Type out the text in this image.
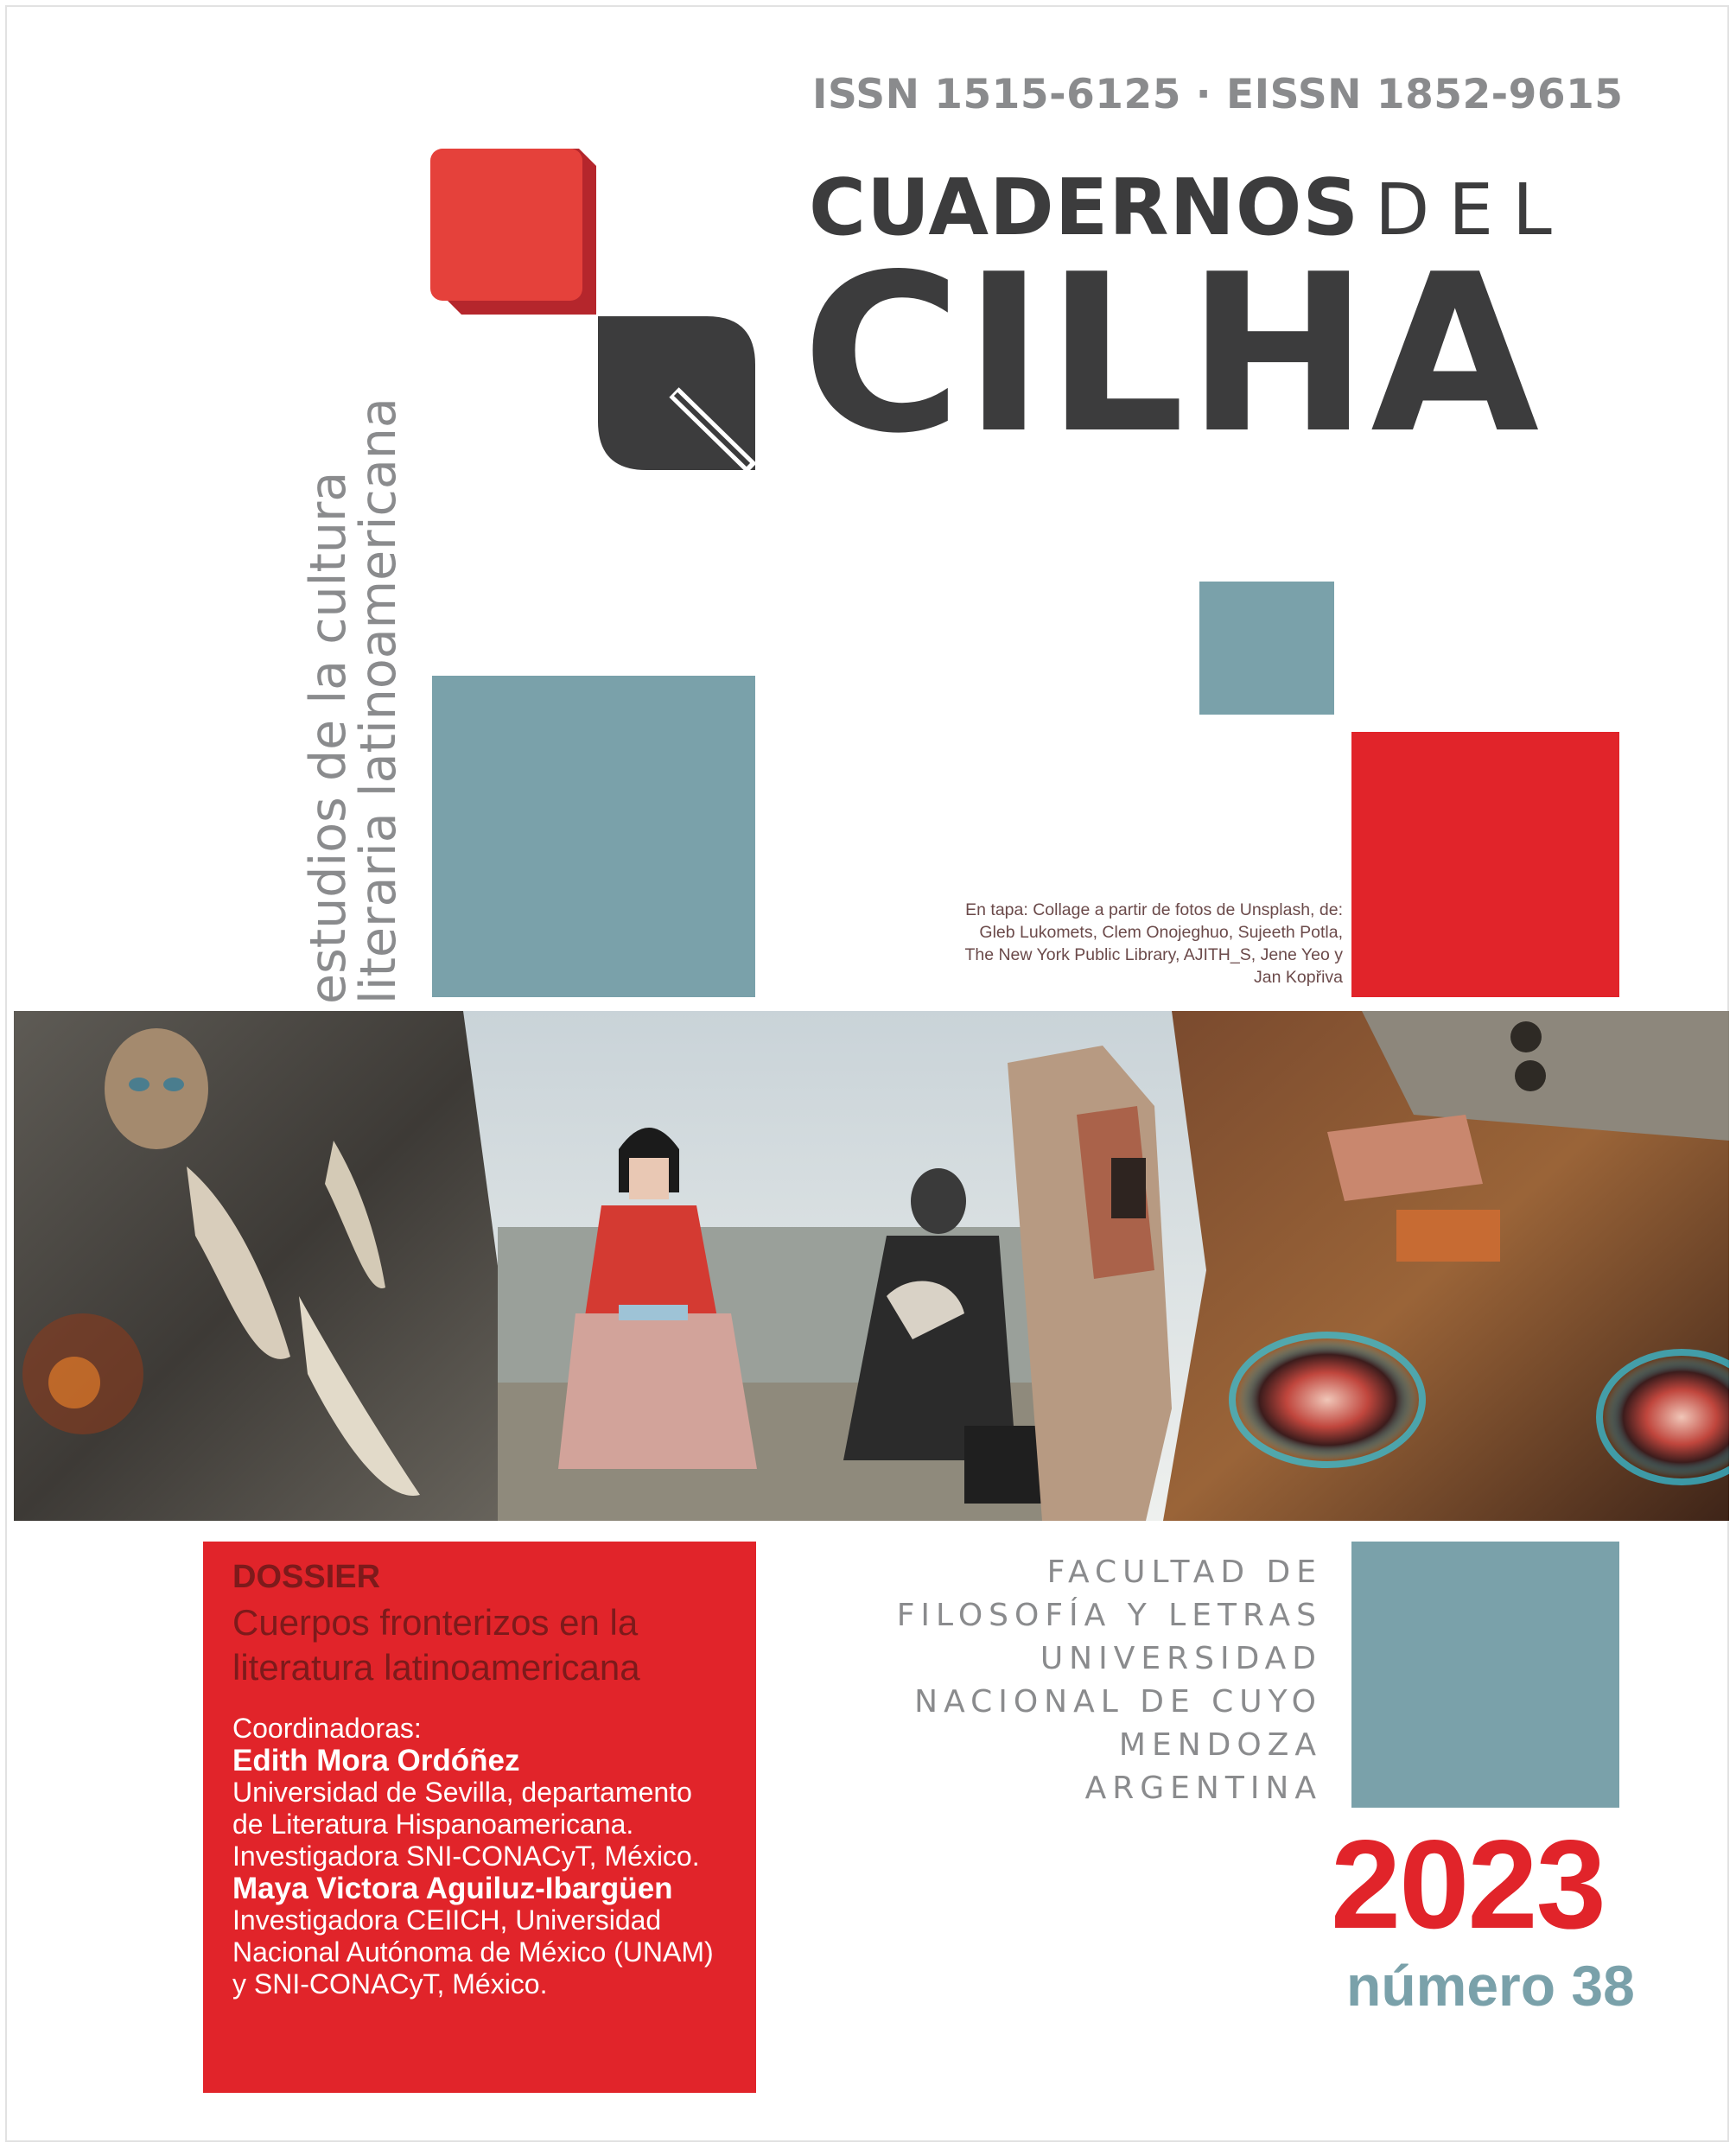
ISSN 1515-6125 · EISSN 1852-9615
CUADERNOS DEL
CILHA
estudios de la cultura
literaria latinoamericana	En tapa: Collage a partir de fotos de Unsplash, de:
Gleb Lukomets, Clem Onojeghuo, Sujeeth Potla,
The New York Public Library, AJITH_S, Jene Yeo y
Jan Kopřiva
DOSSIER
Cuerpos fronterizos en la
literatura latinoamericana
Coordinadoras:
Edith Mora Ordóñez
Universidad de Sevilla, departamento
de Literatura Hispanoamericana.
Investigadora SNI-CONACyT, México.
Maya Victora Aguiluz-Ibargüen
Investigadora CEIICH, Universidad
Nacional Autónoma de México (UNAM)
y SNI-CONACyT, México.
FACULTAD DE
FILOSOFÍA Y LETRAS
UNIVERSIDAD
NACIONAL DE CUYO
MENDOZA
ARGENTINA
2023
número 38
